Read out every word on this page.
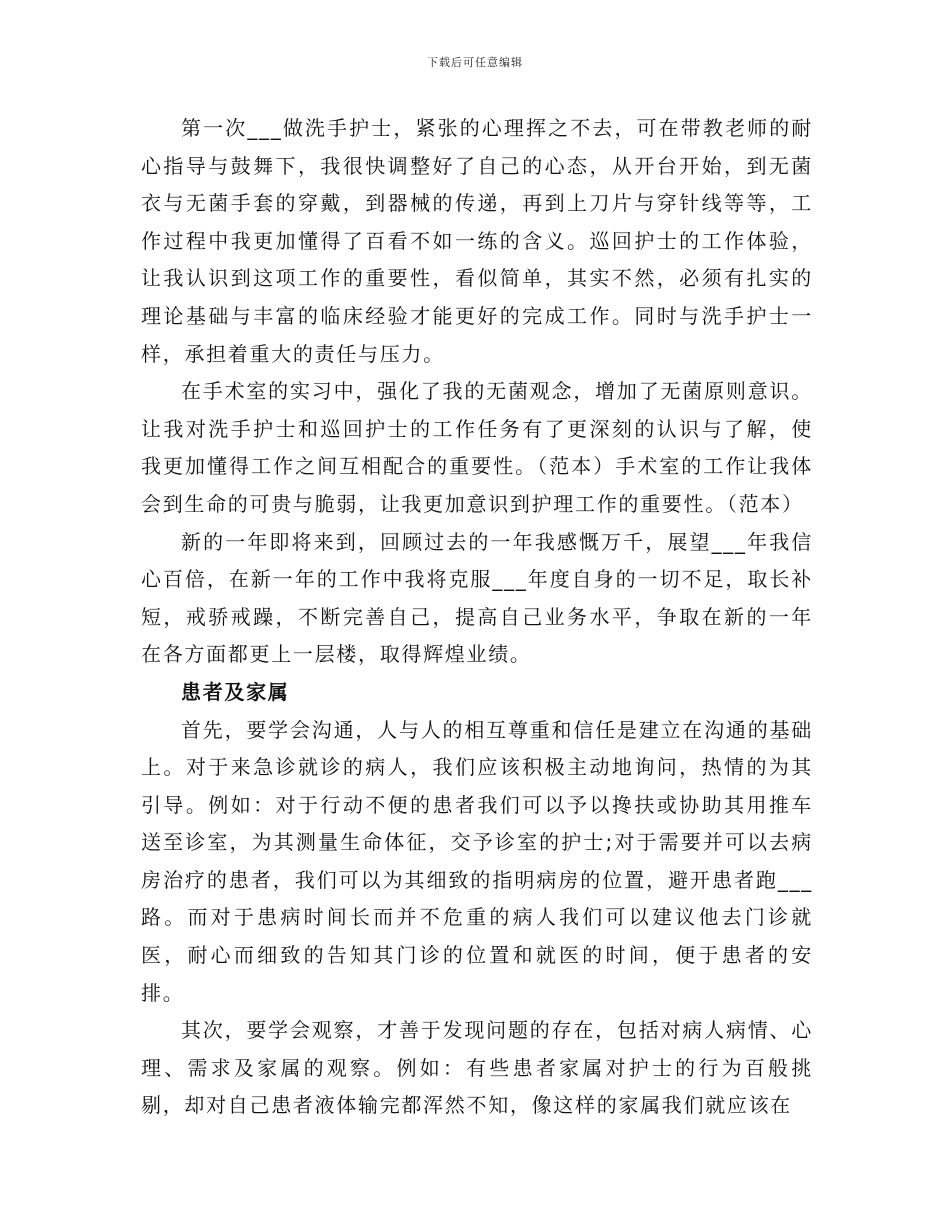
下载后可任意编辑

第一次___做洗手护士，紧张的心理挥之不去，可在带教老师的耐心指导与鼓舞下，我很快调整好了自己的心态，从开台开始，到无菌衣与无菌手套的穿戴，到器械的传递，再到上刀片与穿针线等等，工作过程中我更加懂得了百看不如一练的含义。巡回护士的工作体验，让我认识到这项工作的重要性，看似简单，其实不然，必须有扎实的理论基础与丰富的临床经验才能更好的完成工作。同时与洗手护士一样，承担着重大的责任与压力。

在手术室的实习中，强化了我的无菌观念，增加了无菌原则意识。让我对洗手护士和巡回护士的工作任务有了更深刻的认识与了解，使我更加懂得工作之间互相配合的重要性。（范本）手术室的工作让我体会到生命的可贵与脆弱，让我更加意识到护理工作的重要性。（范本）

新的一年即将来到，回顾过去的一年我感慨万千，展望___年我信心百倍，在新一年的工作中我将克服___年度自身的一切不足，取长补短，戒骄戒躁，不断完善自己，提高自己业务水平，争取在新的一年在各方面都更上一层楼，取得辉煌业绩。

患者及家属

首先，要学会沟通，人与人的相互尊重和信任是建立在沟通的基础上。对于来急诊就诊的病人，我们应该积极主动地询问，热情的为其引导。例如：对于行动不便的患者我们可以予以搀扶或协助其用推车送至诊室，为其测量生命体征，交予诊室的护士;对于需要并可以去病房治疗的患者，我们可以为其细致的指明病房的位置，避开患者跑___路。而对于患病时间长而并不危重的病人我们可以建议他去门诊就医，耐心而细致的告知其门诊的位置和就医的时间，便于患者的安排。

其次，要学会观察，才善于发现问题的存在，包括对病人病情、心理、需求及家属的观察。例如：有些患者家属对护士的行为百般挑剔，却对自己患者液体输完都浑然不知，像这样的家属我们就应该在
